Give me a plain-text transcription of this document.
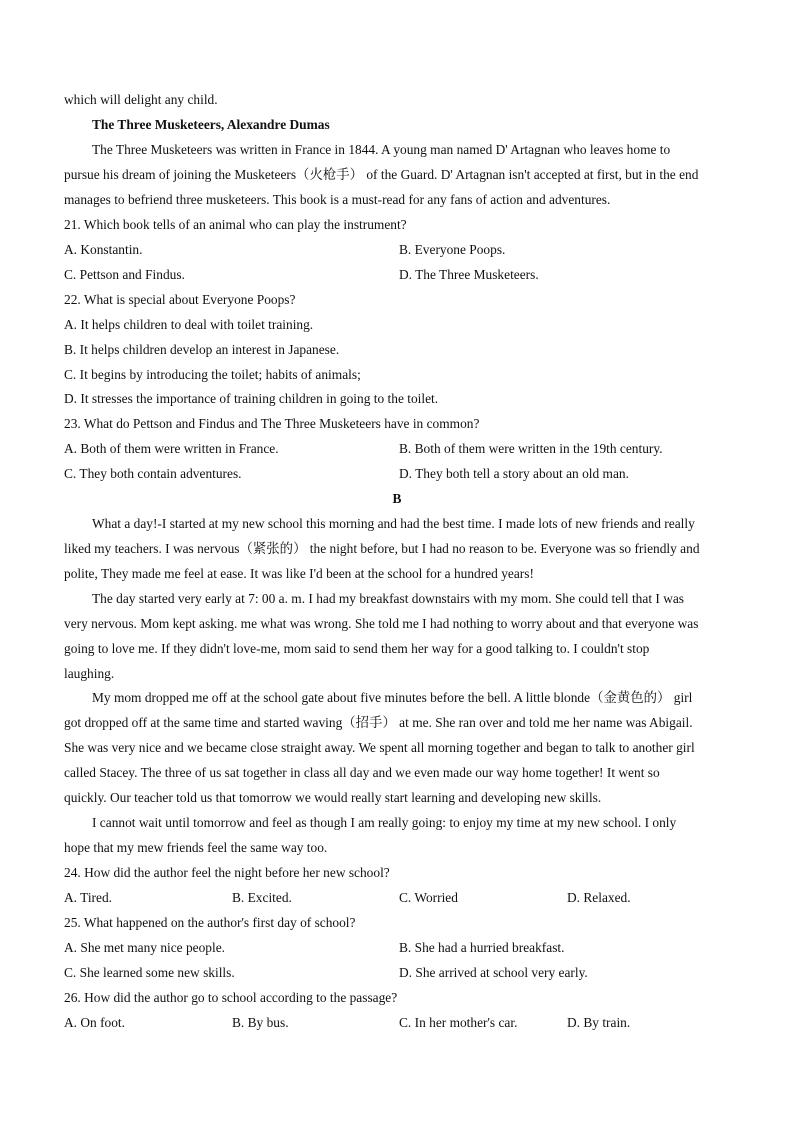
which will delight any child.
The Three Musketeers, Alexandre Dumas
The Three Musketeers was written in France in 1844. A young man named D' Artagnan who leaves home to
pursue his dream of joining the Musketeers（火枪手） of the Guard. D' Artagnan isn't accepted at first, but in the end
manages to befriend three musketeers. This book is a must-read for any fans of action and adventures.
21. Which book tells of an animal who can play the instrument?
A. Konstantin.	B. Everyone Poops.
C. Pettson and Findus.	D. The Three Musketeers.
22. What is special about Everyone Poops?
A. It helps children to deal with toilet training.
B. It helps children develop an interest in Japanese.
C. It begins by introducing the toilet; habits of animals;
D. It stresses the importance of training children in going to the toilet.
23. What do Pettson and Findus and The Three Musketeers have in common?
A. Both of them were written in France.	B. Both of them were written in the 19th century.
C. They both contain adventures.	D. They both tell a story about an old man.
B
What a day!-I started at my new school this morning and had the best time. I made lots of new friends and really
liked my teachers. I was nervous（紧张的） the night before, but I had no reason to be. Everyone was so friendly and
polite, They made me feel at ease. It was like I'd been at the school for a hundred years!
The day started very early at 7: 00 a. m. I had my breakfast downstairs with my mom. She could tell that I was
very nervous. Mom kept asking. me what was wrong. She told me I had nothing to worry about and that everyone was
going to love me. If they didn't love-me, mom said to send them her way for a good talking to. I couldn't stop
laughing.
My mom dropped me off at the school gate about five minutes before the bell. A little blonde（金黄色的） girl
got dropped off at the same time and started waving（招手） at me. She ran over and told me her name was Abigail.
She was very nice and we became close straight away. We spent all morning together and began to talk to another girl
called Stacey. The three of us sat together in class all day and we even made our way home together! It went so
quickly. Our teacher told us that tomorrow we would really start learning and developing new skills.
I cannot wait until tomorrow and feel as though I am really going: to enjoy my time at my new school. I only
hope that my mew friends feel the same way too.
24. How did the author feel the night before her new school?
A. Tired.	B. Excited.	C. Worried	D. Relaxed.
25. What happened on the author's first day of school?
A. She met many nice people.	B. She had a hurried breakfast.
C. She learned some new skills.	D. She arrived at school very early.
26. How did the author go to school according to the passage?
A. On foot.	B. By bus.	C. In her mother's car.	D. By train.
